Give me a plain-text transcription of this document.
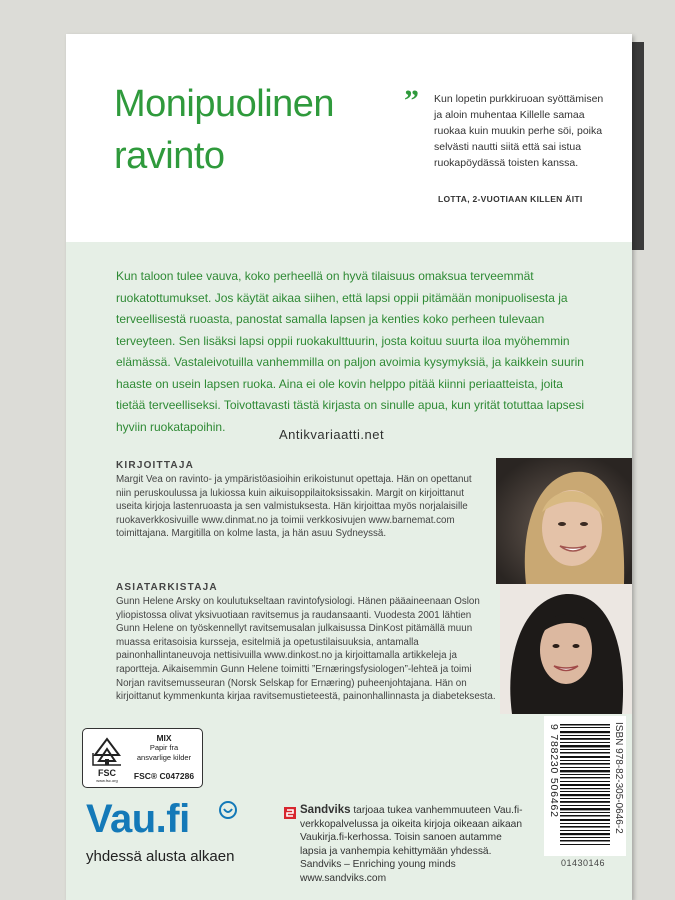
Monipuolinen
ravinto
” Kun lopetin purkkiruoan syöttämisen ja aloin muhentaa Killelle samaa ruokaa kuin muukin perhe söi, poika selvästi nautti siitä että sai istua ruokapöydässä toisten kanssa.

LOTTA, 2-VUOTIAAN KILLEN ÄITI

Kun taloon tulee vauva, koko perheellä on hyvä tilaisuus omaksua terveemmät ruokatottumukset. Jos käytät aikaa siihen, että lapsi oppii pitämään monipuolisesta ja terveellisestä ruoasta, panostat samalla lapsen ja kenties koko perheen tulevaan terveyteen. Sen lisäksi lapsi oppii ruokakulttuurin, josta koituu suurta iloa myöhemmin elämässä. Vastaleivotuilla vanhemmilla on paljon avoimia kysymyksiä, ja kaikkein suurin haaste on usein lapsen ruoka. Aina ei ole kovin helppo pitää kiinni periaatteista, joita tietää terveelliseksi. Toivottavasti tästä kirjasta on sinulle apua, kun yrität totuttaa lapsesi hyviin ruokatapoihin.

Antikvariaatti.net
KIRJOITTAJA

Margit Vea on ravinto- ja ympäristöasioihin erikoistunut opettaja. Hän on opettanut niin peruskoulussa ja lukiossa kuin aikuisoppilaitoksissakin. Margit on kirjoittanut useita kirjoja lastenruoasta ja sen valmistuksesta. Hän kirjoittaa myös norjalaisille ruokaverkkosivuille www.dinmat.no ja toimii verkkosivujen www.barnemat.com toimittajana. Margitilla on kolme lasta, ja hän asuu Sydneyssä.

ASIATARKISTAJA

Gunn Helene Arsky on koulutukseltaan ravintofysiologi. Hänen pääaineenaan Oslon yliopistossa olivat yksivuotiaan ravitsemus ja raudansaanti. Vuodesta 2001 lähtien Gunn Helene on työskennellyt ravitsemusalan julkaisussa DinKost pitämällä muun muassa eritasoisia kursseja, esitelmiä ja opetustilaisuuksia, antamalla painonhallintaneuvoja nettisivuilla www.dinkost.no ja kirjoittamalla artikkeleja ja raportteja. Aikaisemmin Gunn Helene toimitti ”Ernæringsfysiologen”-lehteä ja toimi Norjan ravitsemusseuran (Norsk Selskap for Ernæring) puheenjohtajana. Hän on kirjoittanut kymmenkunta kirjaa ravitsemustieteestä, painonhallinnasta ja diabeteksesta.

FSC
www.fsc.org
MIX
Papir fra
ansvarlige kilder
FSC® C047286
Vau.fi
yhdessä alusta alkaen

Sandviks tarjoaa tukea vanhemmuuteen Vau.fi-verkkopalvelussa ja oikeita kirjoja oikeaan aikaan Vaukirja.fi-kerhossa. Toisin sanoen autamme lapsia ja vanhempia kehittymään yhdessä.
Sandviks – Enriching young minds
www.sandviks.com

9 788230 506462	ISBN 978-82-305-0646-2
01430146
